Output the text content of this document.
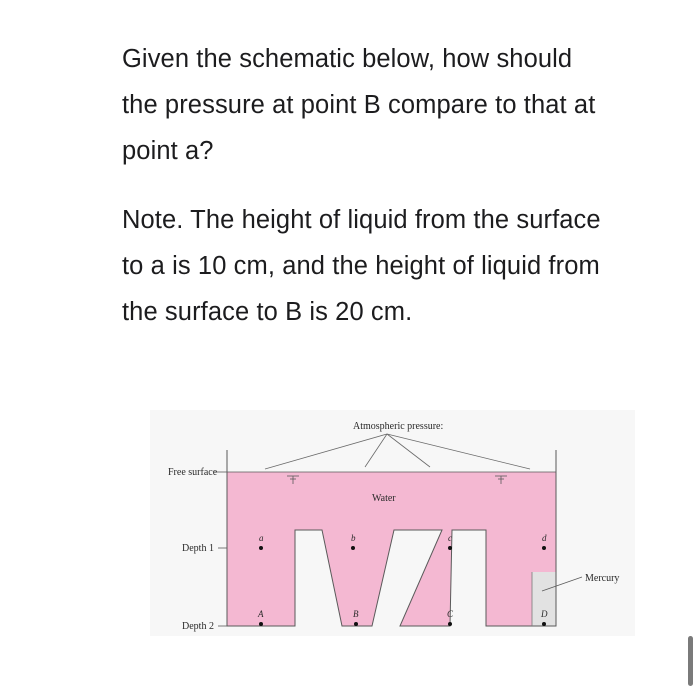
Given the schematic below, how should

the pressure at point B compare to that at

point a?

Note. The height of liquid from the surface

to a is 10 cm, and the height of liquid from

the surface to B is 20 cm.

Atmospheric pressure:
Free surface
Depth 1
Depth 2
Water
Mercury
a	b	c	d
A	B	C	D
